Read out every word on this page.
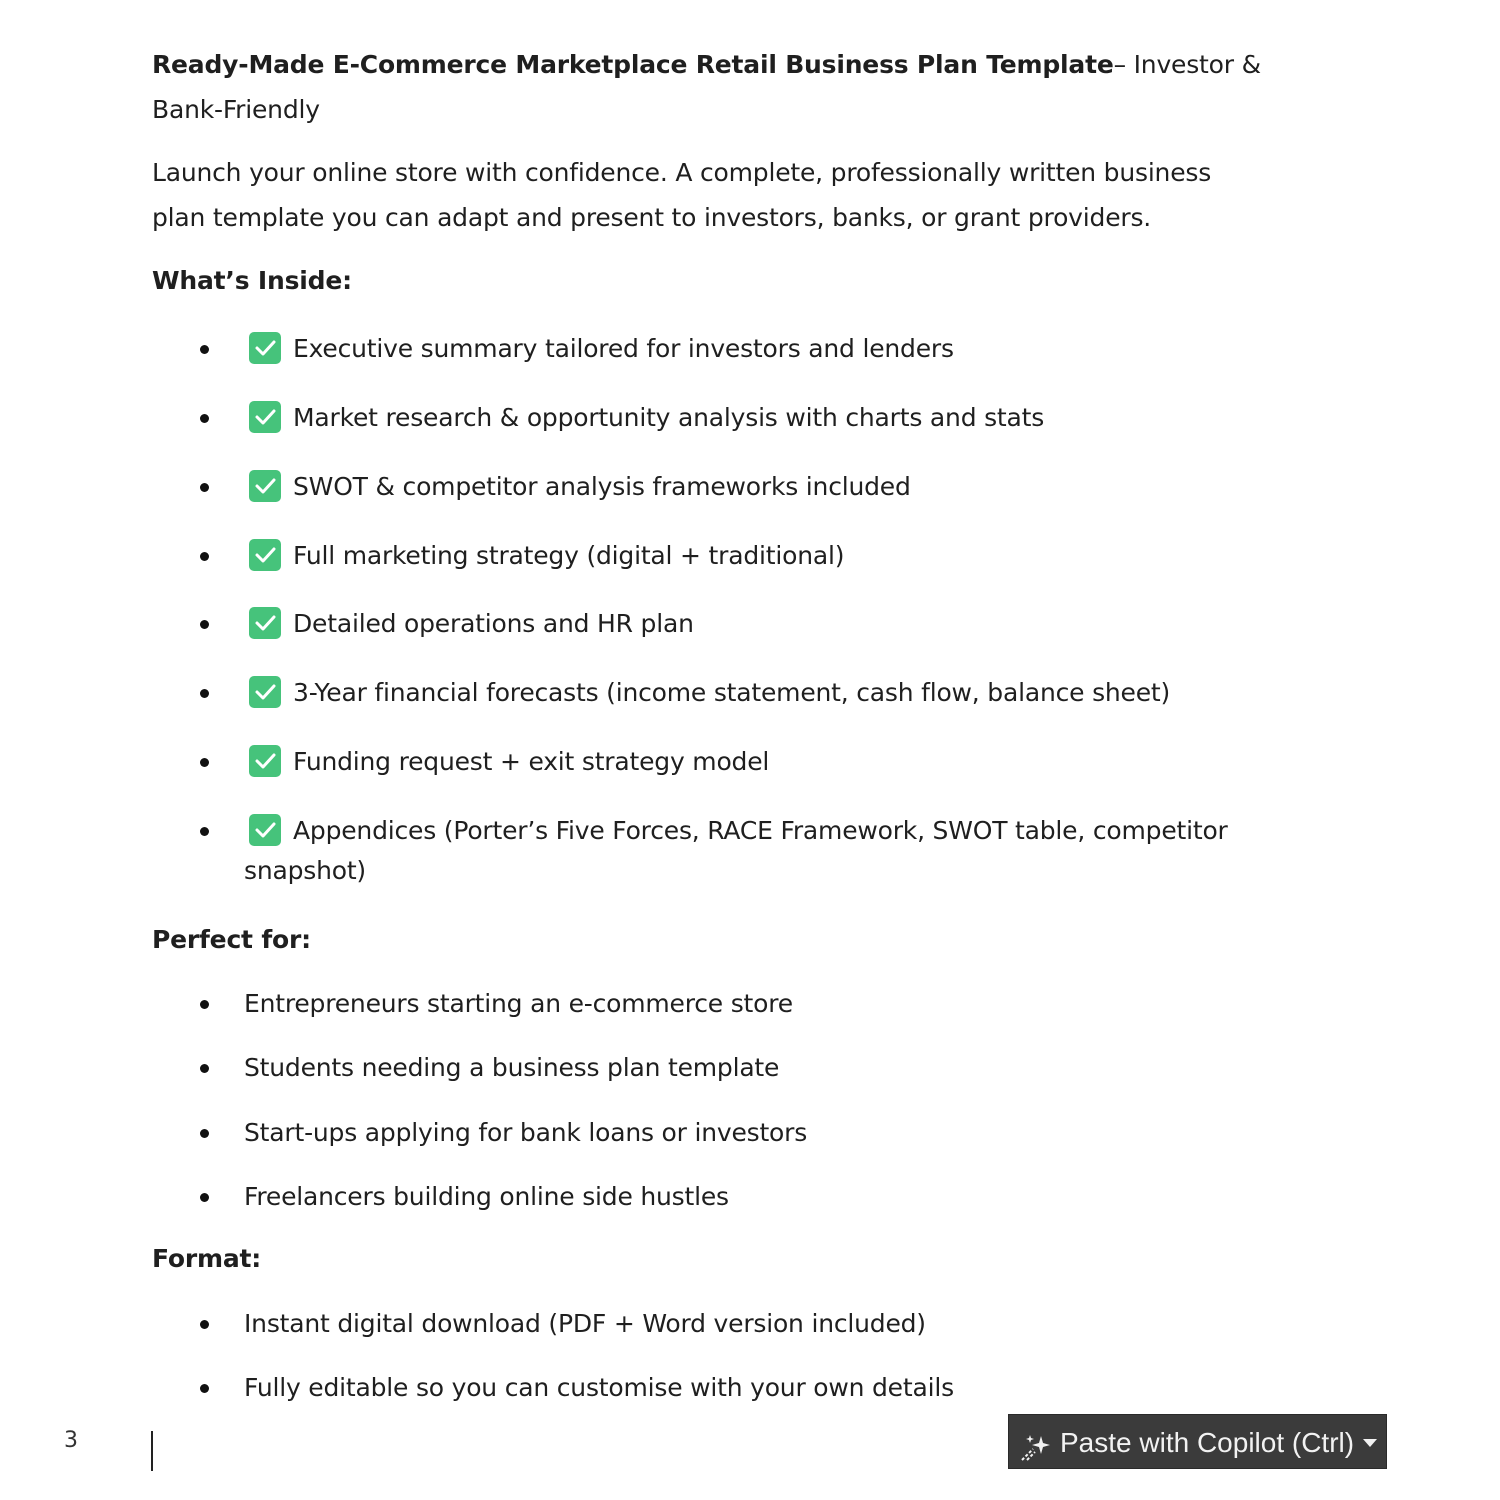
Ready-Made E-Commerce Marketplace Retail Business Plan Template– Investor &
Bank-Friendly
Launch your online store with confidence. A complete, professionally written business
plan template you can adapt and present to investors, banks, or grant providers.
What’s Inside:
Executive summary tailored for investors and lenders
Market research & opportunity analysis with charts and stats
SWOT & competitor analysis frameworks included
Full marketing strategy (digital + traditional)
Detailed operations and HR plan
3-Year financial forecasts (income statement, cash flow, balance sheet)
Funding request + exit strategy model
Appendices (Porter’s Five Forces, RACE Framework, SWOT table, competitor
snapshot)
Perfect for:
Entrepreneurs starting an e-commerce store
Students needing a business plan template
Start-ups applying for bank loans or investors
Freelancers building online side hustles
Format:
Instant digital download (PDF + Word version included)
Fully editable so you can customise with your own details
3	Paste with Copilot (Ctrl)
